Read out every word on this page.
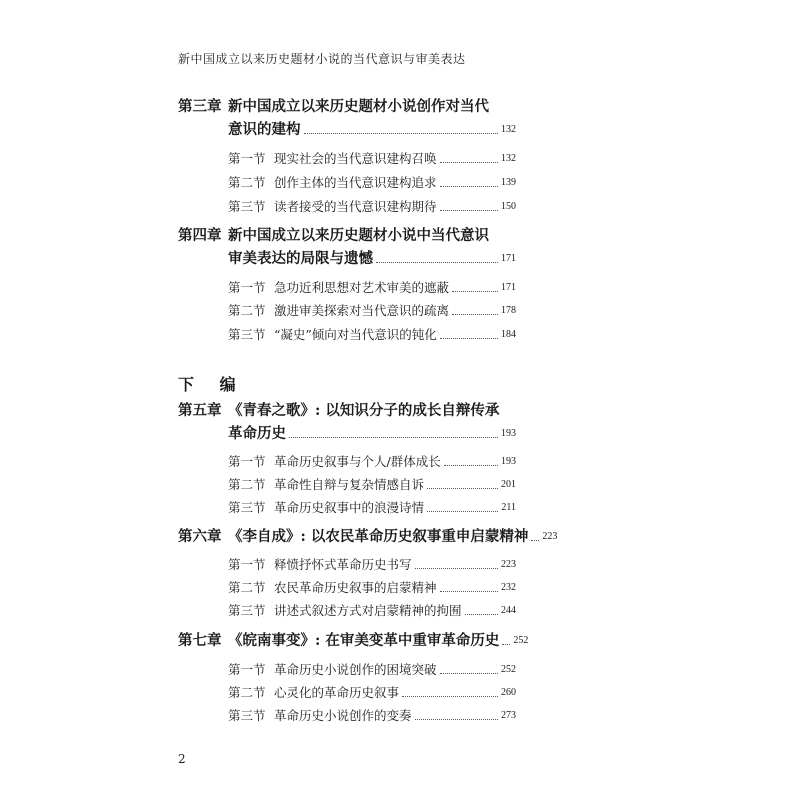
新中国成立以来历史题材小说的当代意识与审美表达
第三章 新中国成立以来历史题材小说创作对当代
意识的建构	132
第一节 现实社会的当代意识建构召唤	132
第二节 创作主体的当代意识建构追求	139
第三节 读者接受的当代意识建构期待	150
第四章 新中国成立以来历史题材小说中当代意识
审美表达的局限与遗憾	171
第一节 急功近利思想对艺术审美的遮蔽	171
第二节 激进审美探索对当代意识的疏离	178
第三节 “凝史”倾向对当代意识的钝化	184
下 编
第五章 《青春之歌》: 以知识分子的成长自辩传承
革命历史	193
第一节 革命历史叙事与个人/群体成长	193
第二节 革命性自辩与复杂情感自诉	201
第三节 革命历史叙事中的浪漫诗情	211
第六章 《李自成》: 以农民革命历史叙事重申启蒙精神 223
第一节 释愤抒怀式革命历史书写	223
第二节 农民革命历史叙事的启蒙精神	232
第三节 讲述式叙述方式对启蒙精神的拘囿	244
第七章 《皖南事变》: 在审美变革中重审革命历史 252
第一节 革命历史小说创作的困境突破	252
第二节 心灵化的革命历史叙事	260
第三节 革命历史小说创作的变奏	273
2
